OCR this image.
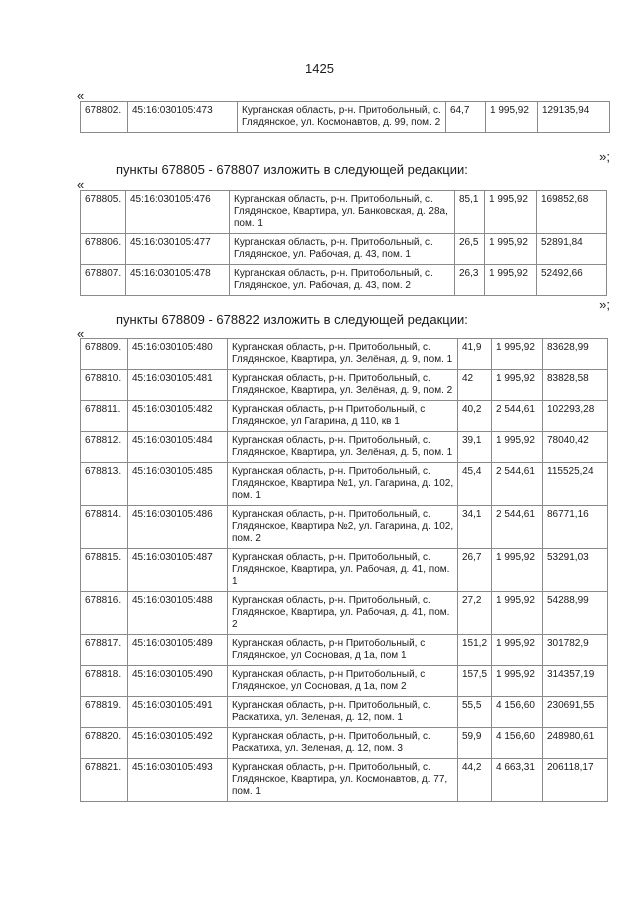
1425
«
678802.	45:16:030105:473	Курганская область, р-н. Притобольный, с. Глядянское, ул. Космонавтов, д. 99, пом. 2	64,7	1 995,92	129135,94
»;
пункты 678805 - 678807 изложить в следующей редакции:
«
678805.	45:16:030105:476	Курганская область, р-н. Притобольный, с. Глядянское, Квартира, ул. Банковская, д. 28а, пом. 1	85,1	1 995,92	169852,68
678806.	45:16:030105:477	Курганская область, р-н. Притобольный, с. Глядянское, ул. Рабочая, д. 43, пом. 1	26,5	1 995,92	52891,84
678807.	45:16:030105:478	Курганская область, р-н. Притобольный, с. Глядянское, ул. Рабочая, д. 43, пом. 2	26,3	1 995,92	52492,66
»;
пункты 678809 - 678822 изложить в следующей редакции:
«
678809.	45:16:030105:480	Курганская область, р-н. Притобольный, с. Глядянское, Квартира, ул. Зелёная, д. 9, пом. 1	41,9	1 995,92	83628,99
678810.	45:16:030105:481	Курганская область, р-н. Притобольный, с. Глядянское, Квартира, ул. Зелёная, д. 9, пом. 2	42	1 995,92	83828,58
678811.	45:16:030105:482	Курганская область, р-н Притобольный, с Глядянское, ул Гагарина, д 110, кв 1	40,2	2 544,61	102293,28
678812.	45:16:030105:484	Курганская область, р-н. Притобольный, с. Глядянское, Квартира, ул. Зелёная, д. 5, пом. 1	39,1	1 995,92	78040,42
678813.	45:16:030105:485	Курганская область, р-н. Притобольный, с. Глядянское, Квартира №1, ул. Гагарина, д. 102, пом. 1	45,4	2 544,61	115525,24
678814.	45:16:030105:486	Курганская область, р-н. Притобольный, с. Глядянское, Квартира №2, ул. Гагарина, д. 102, пом. 2	34,1	2 544,61	86771,16
678815.	45:16:030105:487	Курганская область, р-н. Притобольный, с. Глядянское, Квартира, ул. Рабочая, д. 41, пом. 1	26,7	1 995,92	53291,03
678816.	45:16:030105:488	Курганская область, р-н. Притобольный, с. Глядянское, Квартира, ул. Рабочая, д. 41, пом. 2	27,2	1 995,92	54288,99
678817.	45:16:030105:489	Курганская область, р-н Притобольный, с Глядянское, ул Сосновая, д 1а, пом 1	151,2	1 995,92	301782,9
678818.	45:16:030105:490	Курганская область, р-н Притобольный, с Глядянское, ул Сосновая, д 1а, пом 2	157,5	1 995,92	314357,19
678819.	45:16:030105:491	Курганская область, р-н. Притобольный, с. Раскатиха, ул. Зеленая, д. 12, пом. 1	55,5	4 156,60	230691,55
678820.	45:16:030105:492	Курганская область, р-н. Притобольный, с. Раскатиха, ул. Зеленая, д. 12, пом. 3	59,9	4 156,60	248980,61
678821.	45:16:030105:493	Курганская область, р-н. Притобольный, с. Глядянское, Квартира, ул. Космонавтов, д. 77, пом. 1	44,2	4 663,31	206118,17
